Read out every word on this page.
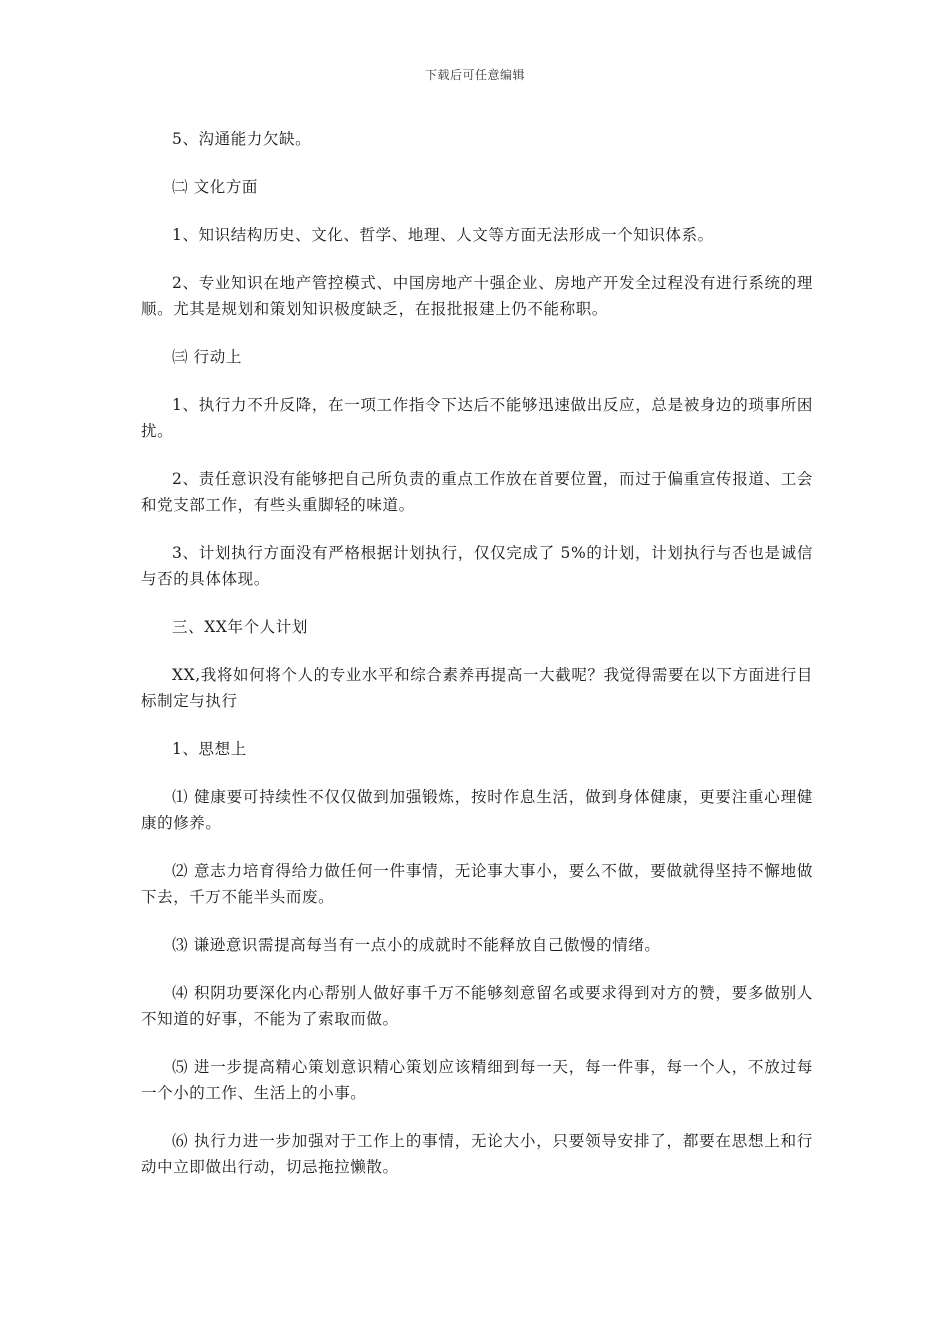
下载后可任意编辑

5、沟通能力欠缺。

㈡ 文化方面

1、知识结构历史、文化、哲学、地理、人文等方面无法形成一个知识体系。

2、专业知识在地产管控模式、中国房地产十强企业、房地产开发全过程没有进行系统的理顺。尤其是规划和策划知识极度缺乏，在报批报建上仍不能称职。

㈢ 行动上

1、执行力不升反降，在一项工作指令下达后不能够迅速做出反应，总是被身边的琐事所困扰。

2、责任意识没有能够把自己所负责的重点工作放在首要位置，而过于偏重宣传报道、工会和党支部工作，有些头重脚轻的味道。

3、计划执行方面没有严格根据计划执行，仅仅完成了 5%的计划，计划执行与否也是诚信与否的具体体现。

三、XX年个人计划

XX,我将如何将个人的专业水平和综合素养再提高一大截呢？我觉得需要在以下方面进行目标制定与执行

1、思想上

⑴ 健康要可持续性不仅仅做到加强锻炼，按时作息生活，做到身体健康，更要注重心理健康的修养。

⑵ 意志力培育得给力做任何一件事情，无论事大事小，要么不做，要做就得坚持不懈地做下去，千万不能半头而废。

⑶ 谦逊意识需提高每当有一点小的成就时不能释放自己傲慢的情绪。

⑷ 积阴功要深化内心帮别人做好事千万不能够刻意留名或要求得到对方的赞，要多做别人不知道的好事，不能为了索取而做。

⑸ 进一步提高精心策划意识精心策划应该精细到每一天，每一件事，每一个人，不放过每一个小的工作、生活上的小事。

⑹ 执行力进一步加强对于工作上的事情，无论大小，只要领导安排了，都要在思想上和行动中立即做出行动，切忌拖拉懒散。
